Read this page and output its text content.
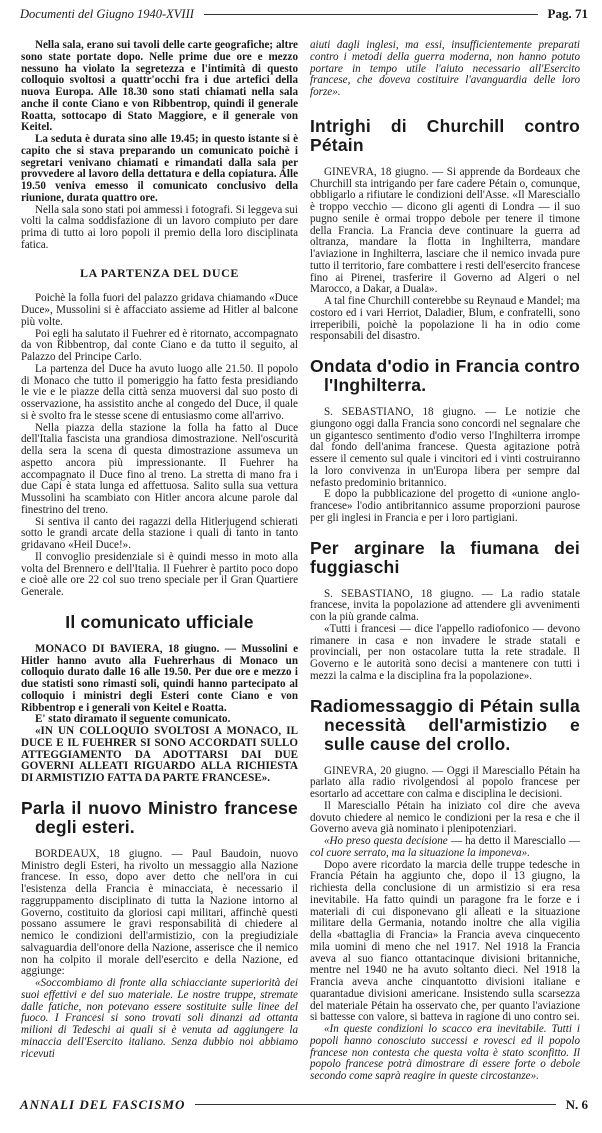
Documenti del Giugno 1940-XVIII	Pag. 71

Nella sala, erano sui tavoli delle carte geografiche; altre sono state portate dopo. Nelle prime due ore e mezzo nessuno ha violato la segretezza e l'intimità di questo colloquio svoltosi a quattr'occhi fra i due artefici della nuova Europa. Alle 18.30 sono stati chiamati nella sala anche il conte Ciano e von Ribbentrop, quindi il generale Roatta, sottocapo di Stato Maggiore, e il generale von Keitel.

La seduta è durata sino alle 19.45; in questo istante si è capito che si stava preparando un comunicato poichè i segretari venivano chiamati e rimandati dalla sala per provvedere al lavoro della dettatura e della copiatura. Alle 19.50 veniva emesso il comunicato conclusivo della riunione, durata quattro ore.

Nella sala sono stati poi ammessi i fotografi. Si leggeva sui volti la calma soddisfazione di un lavoro compiuto per dare prima di tutto ai loro popoli il premio della loro disciplinata fatica.

LA PARTENZA DEL DUCE

Poichè la folla fuori del palazzo gridava chiamando «Duce Duce», Mussolini si è affacciato assieme ad Hitler al balcone più volte.

Poi egli ha salutato il Fuehrer ed è ritornato, accompagnato da von Ribbentrop, dal conte Ciano e da tutto il seguito, al Palazzo del Principe Carlo.

La partenza del Duce ha avuto luogo alle 21.50. Il popolo di Monaco che tutto il pomeriggio ha fatto festa presidiando le vie e le piazze della città senza muoversi dal suo posto di osservazione, ha assistito anche al congedo del Duce, il quale si è svolto fra le stesse scene di entusiasmo come all'arrivo.

Nella piazza della stazione la folla ha fatto al Duce dell'Italia fascista una grandiosa dimostrazione. Nell'oscurità della sera la scena di questa dimostrazione assumeva un aspetto ancora più impressionante. Il Fuehrer ha accompagnato il Duce fino al treno. La stretta di mano fra i due Capi è stata lunga ed affettuosa. Salito sulla sua vettura Mussolini ha scambiato con Hitler ancora alcune parole dal finestrino del treno.

Si sentiva il canto dei ragazzi della Hitlerjugend schierati sotto le grandi arcate della stazione i quali di tanto in tanto gridavano «Heil Duce!».

Il convoglio presidenziale si è quindi messo in moto alla volta del Brennero e dell'Italia. Il Fuehrer è partito poco dopo e cioè alle ore 22 col suo treno speciale per il Gran Quartiere Generale.

Il comunicato ufficiale

MONACO DI BAVIERA, 18 giugno. — Mussolini e Hitler hanno avuto alla Fuehrerhaus di Monaco un colloquio durato dalle 16 alle 19.50. Per due ore e mezzo i due statisti sono rimasti soli, quindi hanno partecipato al colloquio i ministri degli Esteri conte Ciano e von Ribbentrop e i generali von Keitel e Roatta.

E' stato diramato il seguente comunicato.

«IN UN COLLOQUIO SVOLTOSI A MONACO, IL DUCE E IL FUEHRER SI SONO ACCORDATI SULLO ATTEGGIAMENTO DA ADOTTARSI DAI DUE GOVERNI ALLEATI RIGUARDO ALLA RICHIESTA DI ARMISTIZIO FATTA DA PARTE FRANCESE».

Parla il nuovo Ministro francese degli esteri.

BORDEAUX, 18 giugno. — Paul Baudoin, nuovo Ministro degli Esteri, ha rivolto un messaggio alla Nazione francese. In esso, dopo aver detto che nell'ora in cui l'esistenza della Francia è minacciata, è necessario il raggruppamento disciplinato di tutta la Nazione intorno al Governo, costituito da gloriosi capi militari, affinchè questi possano assumere le gravi responsabilità di chiedere al nemico le condizioni dell'armistizio, con la pregiudiziale salvaguardia dell'onore della Nazione, asserisce che il nemico non ha colpito il morale dell'esercito e della Nazione, ed aggiunge:

«Soccombiamo di fronte alla schiacciante superiorità dei suoi effettivi e del suo materiale. Le nostre truppe, stremate dalle fatiche, non potevano essere sostituite sulle linee del fuoco. I Francesi si sono trovati soli dinanzi ad ottanta milioni di Tedeschi ai quali si è venuta ad aggiungere la minaccia dell'Esercito italiano. Senza dubbio noi abbiamo ricevuti

aiuti dagli inglesi, ma essi, insufficientemente preparati contro i metodi della guerra moderna, non hanno potuto portare in tempo utile l'aiuto necessario all'Esercito francese, che doveva costituire l'avanguardia delle loro forze».

Intrighi di Churchill contro Pétain

GINEVRA, 18 giugno. — Si apprende da Bordeaux che Churchill sta intrigando per fare cadere Pétain o, comunque, obbligarlo a rifiutare le condizioni dell'Asse. «Il Maresciallo è troppo vecchio — dicono gli agenti di Londra — il suo pugno senile è ormai troppo debole per tenere il timone della Francia. La Francia deve continuare la guerra ad oltranza, mandare la flotta in Inghilterra, mandare l'aviazione in Inghilterra, lasciare che il nemico invada pure tutto il territorio, fare combattere i resti dell'esercito francese fino ai Pirenei, trasferire il Governo ad Algeri o nel Marocco, a Dakar, a Duala».

A tal fine Churchill conterebbe su Reynaud e Mandel; ma costoro ed i vari Herriot, Daladier, Blum, e confratelli, sono irreperibili, poichè la popolazione li ha in odio come responsabili del disastro.

Ondata d'odio in Francia contro l'Inghilterra.

S. SEBASTIANO, 18 giugno. — Le notizie che giungono oggi dalla Francia sono concordi nel segnalare che un gigantesco sentimento d'odio verso l'Inghilterra irrompe dal fondo dell'anima francese. Questa agitazione potrà essere il cemento sul quale i vincitori ed i vinti costruiranno la loro convivenza in un'Europa libera per sempre dal nefasto predominio britannico.

E dopo la pubblicazione del progetto di «unione anglo-francese» l'odio antibritannico assume proporzioni paurose per gli inglesi in Francia e per i loro partigiani.

Per arginare la fiumana dei fuggiaschi

S. SEBASTIANO, 18 giugno. — La radio statale francese, invita la popolazione ad attendere gli avvenimenti con la più grande calma.

«Tutti i francesi — dice l'appello radiofonico — devono rimanere in casa e non invadere le strade statali e provinciali, per non ostacolare tutta la rete stradale. Il Governo e le autorità sono decisi a mantenere con tutti i mezzi la calma e la disciplina fra la popolazione».

Radiomessaggio di Pétain sulla necessità dell'armistizio e sulle cause del crollo.

GINEVRA, 20 giugno. — Oggi il Maresciallo Pétain ha parlato alla radio rivolgendosi al popolo francese per esortarlo ad accettare con calma e disciplina le decisioni.

Il Maresciallo Pétain ha iniziato col dire che aveva dovuto chiedere al nemico le condizioni per la resa e che il Governo aveva già nominato i plenipotenziari.

«Ho preso questa decisione — ha detto il Maresciallo — col cuore serrato, ma la situazione la imponeva».

Dopo avere ricordato la marcia delle truppe tedesche in Francia Pétain ha aggiunto che, dopo il 13 giugno, la richiesta della conclusione di un armistizio si era resa inevitabile. Ha fatto quindi un paragone fra le forze e i materiali di cui disponevano gli alleati e la situazione militare della Germania, notando inoltre che alla vigilia della «battaglia di Francia» la Francia aveva cinquecento mila uomini di meno che nel 1917. Nel 1918 la Francia aveva al suo fianco ottantacinque divisioni britanniche, mentre nel 1940 ne ha avuto soltanto dieci. Nel 1918 la Francia aveva anche cinquantotto divisioni italiane e quarantadue divisioni americane. Insistendo sulla scarsezza del materiale Pétain ha osservato che, per quanto l'aviazione si battesse con valore, si batteva in ragione di uno contro sei.

«In queste condizioni lo scacco era inevitabile. Tutti i popoli hanno conosciuto successi e rovesci ed il popolo francese non contesta che questa volta è stato sconfitto. Il popolo francese potrà dimostrare di essere forte o debole secondo come saprà reagire in queste circostanze».

ANNALI DEL FASCISMO	N. 6
